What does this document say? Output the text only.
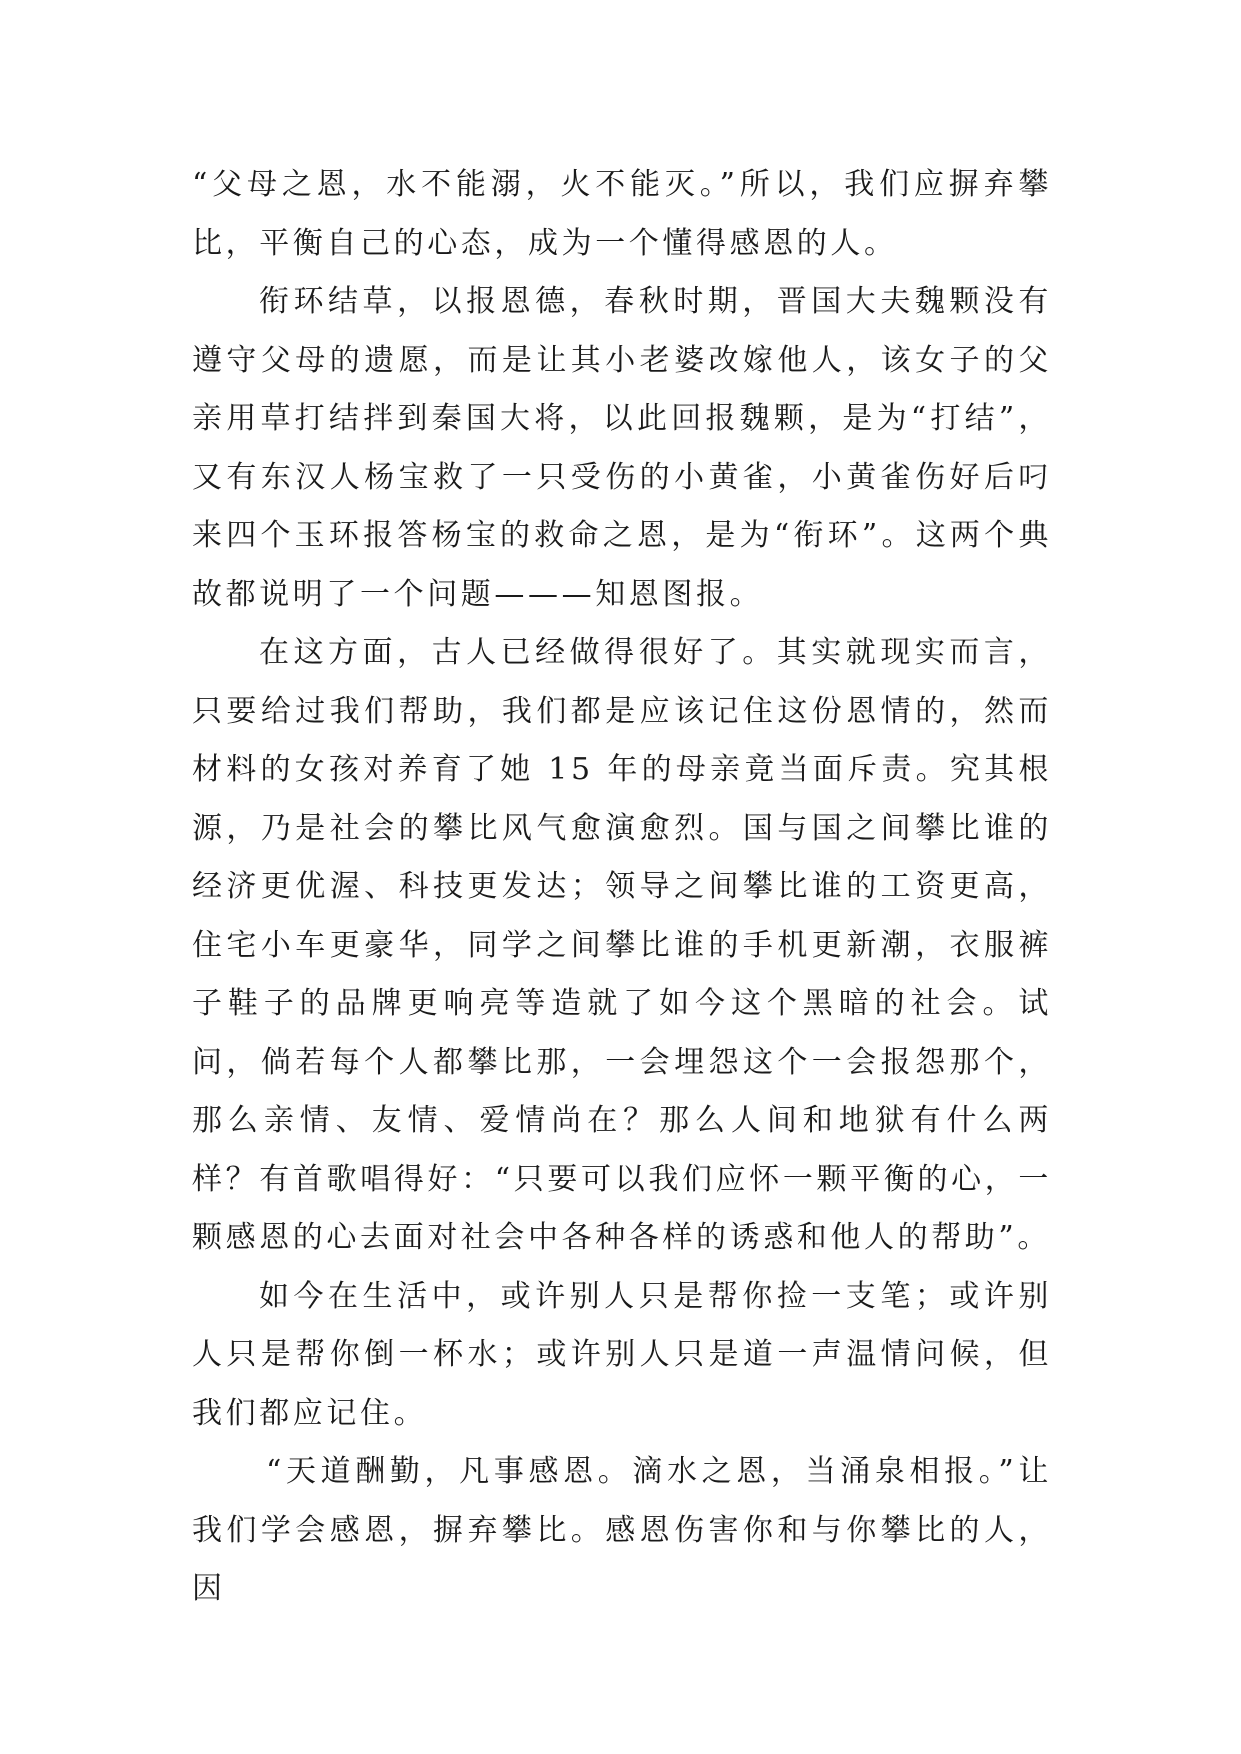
“父母之恩，水不能溺，火不能灭。”所以，我们应摒弃攀比，平衡自己的心态，成为一个懂得感恩的人。

衔环结草，以报恩德，春秋时期，晋国大夫魏颗没有遵守父母的遗愿，而是让其小老婆改嫁他人，该女子的父亲用草打结拌到秦国大将，以此回报魏颗，是为“打结”，又有东汉人杨宝救了一只受伤的小黄雀，小黄雀伤好后叼来四个玉环报答杨宝的救命之恩，是为“衔环”。这两个典故都说明了一个问题———知恩图报。

在这方面，古人已经做得很好了。其实就现实而言，只要给过我们帮助，我们都是应该记住这份恩情的，然而材料的女孩对养育了她 15 年的母亲竟当面斥责。究其根源，乃是社会的攀比风气愈演愈烈。国与国之间攀比谁的经济更优渥、科技更发达；领导之间攀比谁的工资更高，住宅小车更豪华，同学之间攀比谁的手机更新潮，衣服裤子鞋子的品牌更响亮等造就了如今这个黑暗的社会。试问，倘若每个人都攀比那，一会埋怨这个一会报怨那个，那么亲情、友情、爱情尚在？那么人间和地狱有什么两样？有首歌唱得好：“只要可以我们应怀一颗平衡的心，一颗感恩的心去面对社会中各种各样的诱惑和他人的帮助”。

如今在生活中，或许别人只是帮你捡一支笔；或许别人只是帮你倒一杯水；或许别人只是道一声温情问候，但我们都应记住。

“天道酬勤，凡事感恩。滴水之恩，当涌泉相报。”让我们学会感恩，摒弃攀比。感恩伤害你和与你攀比的人，因
